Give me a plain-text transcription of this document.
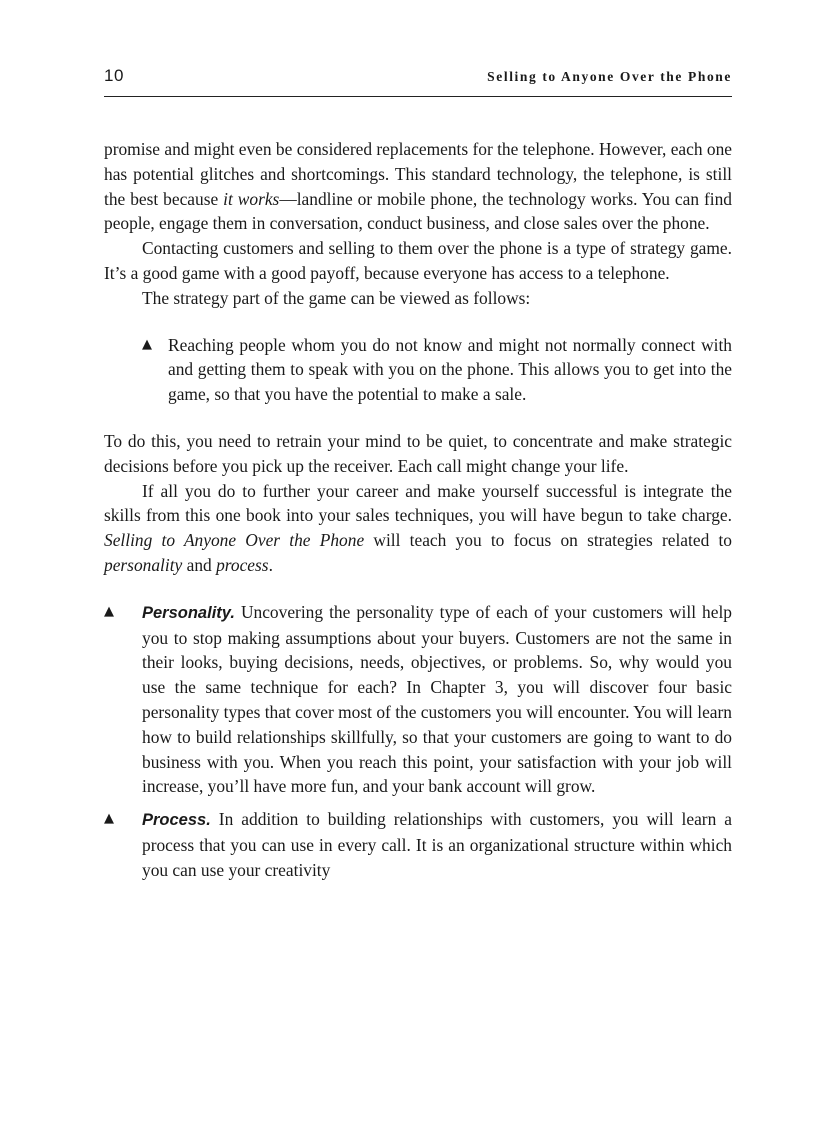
10	Selling to Anyone Over the Phone

promise and might even be considered replacements for the telephone. However, each one has potential glitches and shortcomings. This standard technology, the telephone, is still the best because it works—landline or mobile phone, the technology works. You can find people, engage them in conversation, conduct business, and close sales over the phone.

Contacting customers and selling to them over the phone is a type of strategy game. It’s a good game with a good payoff, because everyone has access to a telephone.

The strategy part of the game can be viewed as follows:

▲ Reaching people whom you do not know and might not normally connect with and getting them to speak with you on the phone. This allows you to get into the game, so that you have the potential to make a sale.

To do this, you need to retrain your mind to be quiet, to concentrate and make strategic decisions before you pick up the receiver. Each call might change your life.

If all you do to further your career and make yourself successful is integrate the skills from this one book into your sales techniques, you will have begun to take charge. Selling to Anyone Over the Phone will teach you to focus on strategies related to personality and process.

▲ Personality. Uncovering the personality type of each of your customers will help you to stop making assumptions about your buyers. Customers are not the same in their looks, buying decisions, needs, objectives, or problems. So, why would you use the same technique for each? In Chapter 3, you will discover four basic personality types that cover most of the customers you will encounter. You will learn how to build relationships skillfully, so that your customers are going to want to do business with you. When you reach this point, your satisfaction with your job will increase, you’ll have more fun, and your bank account will grow.
▲ Process. In addition to building relationships with customers, you will learn a process that you can use in every call. It is an organizational structure within which you can use your creativity
